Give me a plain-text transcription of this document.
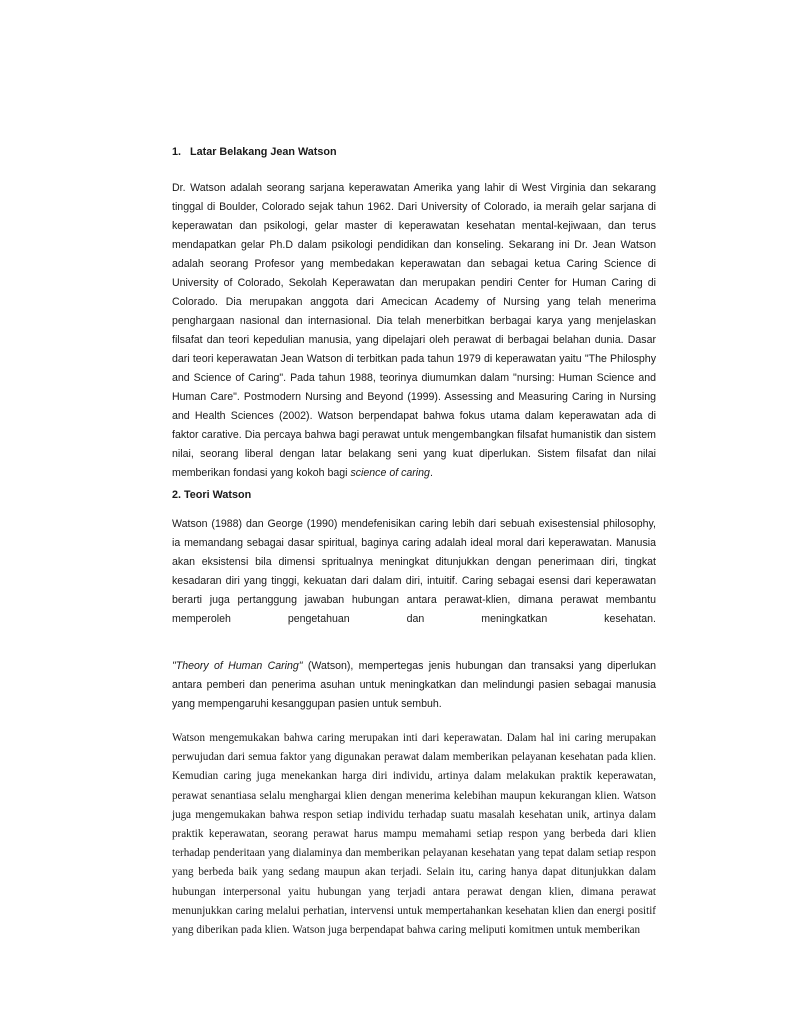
1. Latar Belakang Jean Watson

Dr. Watson adalah seorang sarjana keperawatan Amerika yang lahir di West Virginia dan sekarang tinggal di Boulder, Colorado sejak tahun 1962. Dari University of Colorado, ia meraih gelar sarjana di keperawatan dan psikologi, gelar master di keperawatan kesehatan mental-kejiwaan, dan terus mendapatkan gelar Ph.D dalam psikologi pendidikan dan konseling. Sekarang ini Dr. Jean Watson adalah seorang Profesor yang membedakan keperawatan dan sebagai ketua Caring Science di University of Colorado, Sekolah Keperawatan dan merupakan pendiri Center for Human Caring di Colorado. Dia merupakan anggota dari Amecican Academy of Nursing yang telah menerima penghargaan nasional dan internasional. Dia telah menerbitkan berbagai karya yang menjelaskan filsafat dan teori kepedulian manusia, yang dipelajari oleh perawat di berbagai belahan dunia. Dasar dari teori keperawatan Jean Watson di terbitkan pada tahun 1979 di keperawatan yaitu "The Philosphy and Science of Caring". Pada tahun 1988, teorinya diumumkan dalam "nursing: Human Science and Human Care". Postmodern Nursing and Beyond (1999). Assessing and Measuring Caring in Nursing and Health Sciences (2002). Watson berpendapat bahwa fokus utama dalam keperawatan ada di faktor carative. Dia percaya bahwa bagi perawat untuk mengembangkan filsafat humanistik dan sistem nilai, seorang liberal dengan latar belakang seni yang kuat diperlukan. Sistem filsafat dan nilai memberikan fondasi yang kokoh bagi science of caring.

2. Teori Watson

Watson (1988) dan George (1990) mendefenisikan caring lebih dari sebuah exisestensial philosophy, ia memandang sebagai dasar spiritual, baginya caring adalah ideal moral dari keperawatan. Manusia akan eksistensi bila dimensi spritualnya meningkat ditunjukkan dengan penerimaan diri, tingkat kesadaran diri yang tinggi, kekuatan dari dalam diri, intuitif. Caring sebagai esensi dari keperawatan berarti juga pertanggung jawaban hubungan antara perawat-klien, dimana perawat membantu memperoleh pengetahuan dan meningkatkan kesehatan.

"Theory of Human Caring" (Watson), mempertegas jenis hubungan dan transaksi yang diperlukan antara pemberi dan penerima asuhan untuk meningkatkan dan melindungi pasien sebagai manusia yang mempengaruhi kesanggupan pasien untuk sembuh.

Watson mengemukakan bahwa caring merupakan inti dari keperawatan. Dalam hal ini caring merupakan perwujudan dari semua faktor yang digunakan perawat dalam memberikan pelayanan kesehatan pada klien. Kemudian caring juga menekankan harga diri individu, artinya dalam melakukan praktik keperawatan, perawat senantiasa selalu menghargai klien dengan menerima kelebihan maupun kekurangan klien. Watson juga mengemukakan bahwa respon setiap individu terhadap suatu masalah kesehatan unik, artinya dalam praktik keperawatan, seorang perawat harus mampu memahami setiap respon yang berbeda dari klien terhadap penderitaan yang dialaminya dan memberikan pelayanan kesehatan yang tepat dalam setiap respon yang berbeda baik yang sedang maupun akan terjadi. Selain itu, caring hanya dapat ditunjukkan dalam hubungan interpersonal yaitu hubungan yang terjadi antara perawat dengan klien, dimana perawat menunjukkan caring melalui perhatian, intervensi untuk mempertahankan kesehatan klien dan energi positif yang diberikan pada klien. Watson juga berpendapat bahwa caring meliputi komitmen untuk memberikan
